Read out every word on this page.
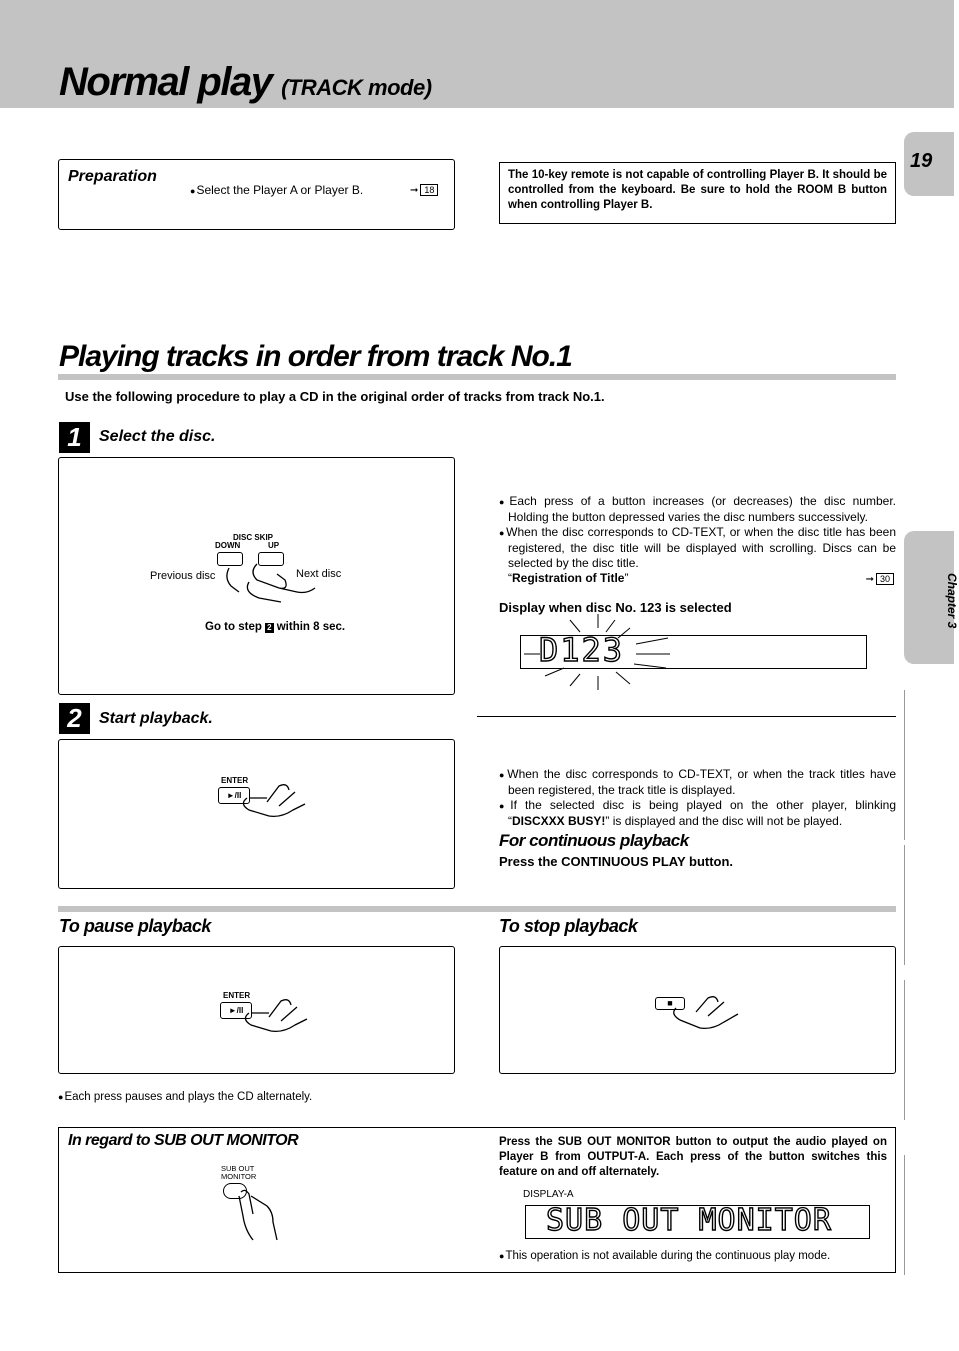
Normal play (TRACK mode)
19
Chapter 3
Preparation
● Select the Player A or Player B.	➞ 18
The 10-key remote is not capable of controlling Player B. It should be controlled from the keyboard. Be sure to hold the ROOM B button when controlling Player B.
Playing tracks in order from track No.1
Use the following procedure to play a CD in the original order of tracks from track No.1.
1	Select the disc.
DISC SKIP
DOWN	UP
Previous disc	Next disc
Go to step 2 within 8 sec.

● Each press of a button increases (or decreases) the disc number. Holding the button depressed varies the disc numbers successively.

● When the disc corresponds to CD-TEXT, or when the disc title has been registered, the disc title will be displayed with scrolling. Discs can be selected by the disc title.

“Registration of Title”	➞ 30

Display when disc No. 123 is selected
D123
2	Start playback.
ENTER
►/II

● When the disc corresponds to CD-TEXT, or when the track titles have been registered, the track title is displayed.

● If the selected disc is being played on the other player, blinking “DISCXXX BUSY!” is displayed and the disc will not be played.

For continuous playback
Press the CONTINUOUS PLAY button.
To pause playback	To stop playback
ENTER
►/II
■

● Each press pauses and plays the CD alternately.

In regard to SUB OUT MONITOR
SUB OUT
MONITOR
Press the SUB OUT MONITOR button to output the audio played on Player B from OUTPUT-A. Each press of the button switches this feature on and off alternately.
DISPLAY-A
SUB OUT MONITOR

● This operation is not available during the continuous play mode.
